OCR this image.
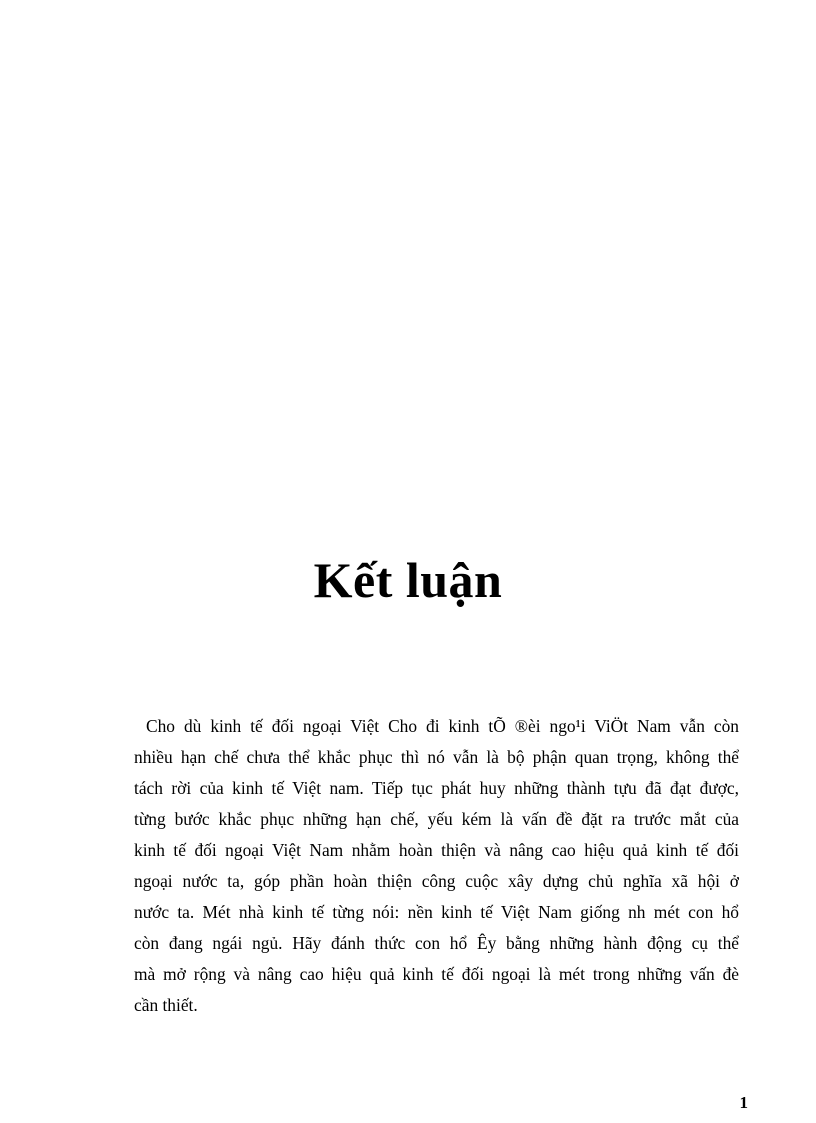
Kết luận
Cho dù kinh tế đối ngoại Việt Cho đi kinh tÕ ®èi ngo¹i ViÖt Nam vẫn còn
nhiều hạn chế chưa thể khắc phục thì nó vẫn là bộ phận quan trọng, không thể
tách rời của kinh tế Việt nam. Tiếp tục phát huy những thành tựu đã đạt được,
từng bước khắc phục những hạn chế, yếu kém là vấn đề đặt ra trước mắt của
kinh tế đối ngoại Việt Nam nhằm hoàn thiện và nâng cao hiệu quả kinh tế đối
ngoại nước ta, góp phần hoàn thiện công cuộc xây dựng chủ nghĩa xã hội ở
nước ta. Mét nhà kinh tế từng nói: nền kinh tế Việt Nam giống nh mét con hổ
còn đang ngái ngủ. Hãy đánh thức con hổ Êy bằng những hành động cụ thể
mà mở rộng và nâng cao hiệu quả kinh tế đối ngoại là mét trong những vấn đè
cần thiết.
1
